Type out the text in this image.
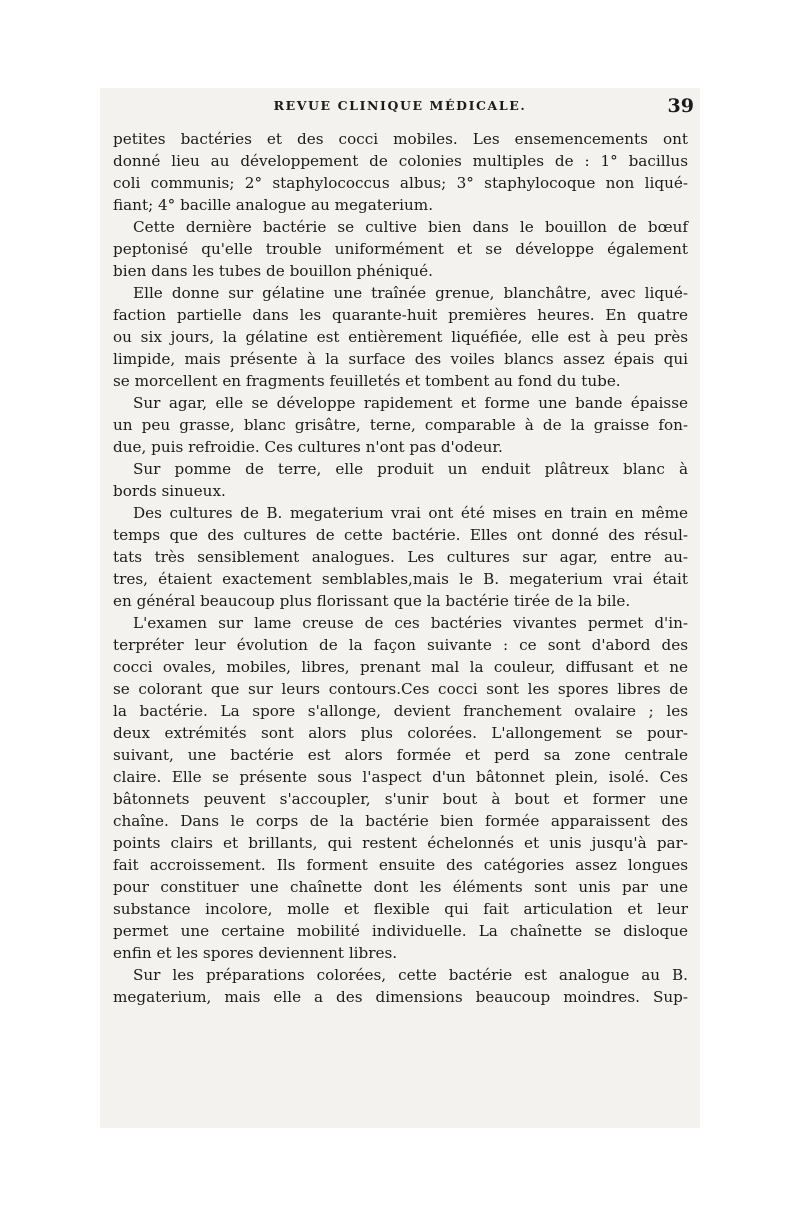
REVUE CLINIQUE MÉDICALE.	39
petites bactéries et des cocci mobiles. Les ensemencements ont
donné lieu au développement de colonies multiples de : 1° bacillus
coli communis; 2° staphylococcus albus; 3° staphylocoque non liqué-
fiant; 4° bacille analogue au megaterium.
Cette dernière bactérie se cultive bien dans le bouillon de bœuf
peptonisé qu'elle trouble uniformément et se développe également
bien dans les tubes de bouillon phéniqué.
Elle donne sur gélatine une traînée grenue, blanchâtre, avec liqué-
faction partielle dans les quarante-huit premières heures. En quatre
ou six jours, la gélatine est entièrement liquéfiée, elle est à peu près
limpide, mais présente à la surface des voiles blancs assez épais qui
se morcellent en fragments feuilletés et tombent au fond du tube.
Sur agar, elle se développe rapidement et forme une bande épaisse
un peu grasse, blanc grisâtre, terne, comparable à de la graisse fon-
due, puis refroidie. Ces cultures n'ont pas d'odeur.
Sur pomme de terre, elle produit un enduit plâtreux blanc à
bords sinueux.
Des cultures de B. megaterium vrai ont été mises en train en même
temps que des cultures de cette bactérie. Elles ont donné des résul-
tats très sensiblement analogues. Les cultures sur agar, entre au-
tres, étaient exactement semblables,mais le B. megaterium vrai était
en général beaucoup plus florissant que la bactérie tirée de la bile.
L'examen sur lame creuse de ces bactéries vivantes permet d'in-
terpréter leur évolution de la façon suivante : ce sont d'abord des
cocci ovales, mobiles, libres, prenant mal la couleur, diffusant et ne
se colorant que sur leurs contours.Ces cocci sont les spores libres de
la bactérie. La spore s'allonge, devient franchement ovalaire ; les
deux extrémités sont alors plus colorées. L'allongement se pour-
suivant, une bactérie est alors formée et perd sa zone centrale
claire. Elle se présente sous l'aspect d'un bâtonnet plein, isolé. Ces
bâtonnets peuvent s'accoupler, s'unir bout à bout et former une
chaîne. Dans le corps de la bactérie bien formée apparaissent des
points clairs et brillants, qui restent échelonnés et unis jusqu'à par-
fait accroissement. Ils forment ensuite des catégories assez longues
pour constituer une chaînette dont les éléments sont unis par une
substance incolore, molle et flexible qui fait articulation et leur
permet une certaine mobilité individuelle. La chaînette se disloque
enfin et les spores deviennent libres.
Sur les préparations colorées, cette bactérie est analogue au B.
megaterium, mais elle a des dimensions beaucoup moindres. Sup-
